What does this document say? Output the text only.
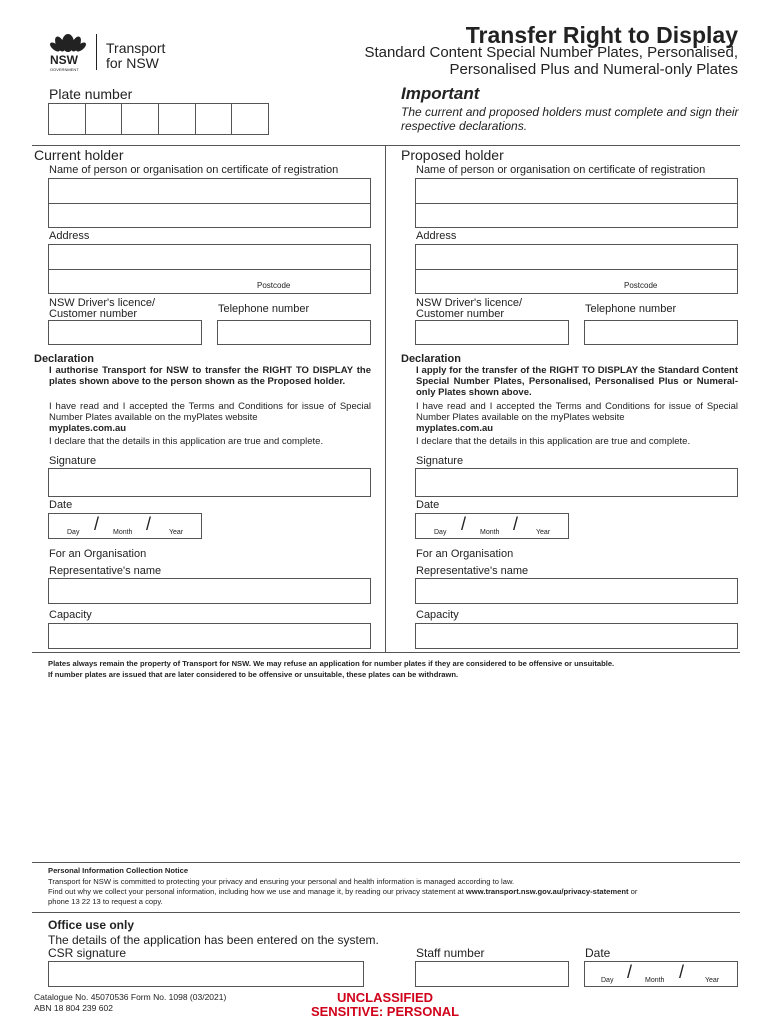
NSW
GOVERNMENT
Transport
for NSW
Transfer Right to Display
Standard Content Special Number Plates, Personalised,
Personalised Plus and Numeral-only Plates
Plate number	Important
The current and proposed holders must complete and sign their respective declarations.
Current holder
Name of person or organisation on certificate of registration
Address
Postcode
NSW Driver's licence/
Customer number	Telephone number
Declaration
I authorise Transport for NSW to transfer the RIGHT TO DISPLAY the plates shown above to the person shown as the Proposed holder.
I have read and I accepted the Terms and Conditions for issue of Special Number Plates available on the myPlates website
myplates.com.au
I declare that the details in this application are true and complete.
Signature
Date
Day / Month /	Year
For an Organisation
Representative's name
Capacity
Proposed holder
Name of person or organisation on certificate of registration
Address
Postcode
NSW Driver's licence/
Customer number	Telephone number
Declaration
I apply for the transfer of the RIGHT TO DISPLAY the Standard Content Special Number Plates, Personalised, Personalised Plus or Numeral-only Plates shown above.
I have read and I accepted the Terms and Conditions for issue of Special Number Plates available on the myPlates website
myplates.com.au
I declare that the details in this application are true and complete.
Signature
Date
Day / Month /	Year
For an Organisation
Representative's name
Capacity
Plates always remain the property of Transport for NSW. We may refuse an application for number plates if they are considered to be offensive or unsuitable.
If number plates are issued that are later considered to be offensive or unsuitable, these plates can be withdrawn.
Personal Information Collection Notice
Transport for NSW is committed to protecting your privacy and ensuring your personal and health information is managed according to law.
Find out why we collect your personal information, including how we use and manage it, by reading our privacy statement at www.transport.nsw.gov.au/privacy-statement or
phone 13 22 13 to request a copy.
Office use only
The details of the application has been entered on the system.
CSR signature	Staff number	Date
Day / Month /	Year
Catalogue No. 45070536 Form No. 1098 (03/2021)
ABN 18 804 239 602
UNCLASSIFIED
SENSITIVE: PERSONAL
